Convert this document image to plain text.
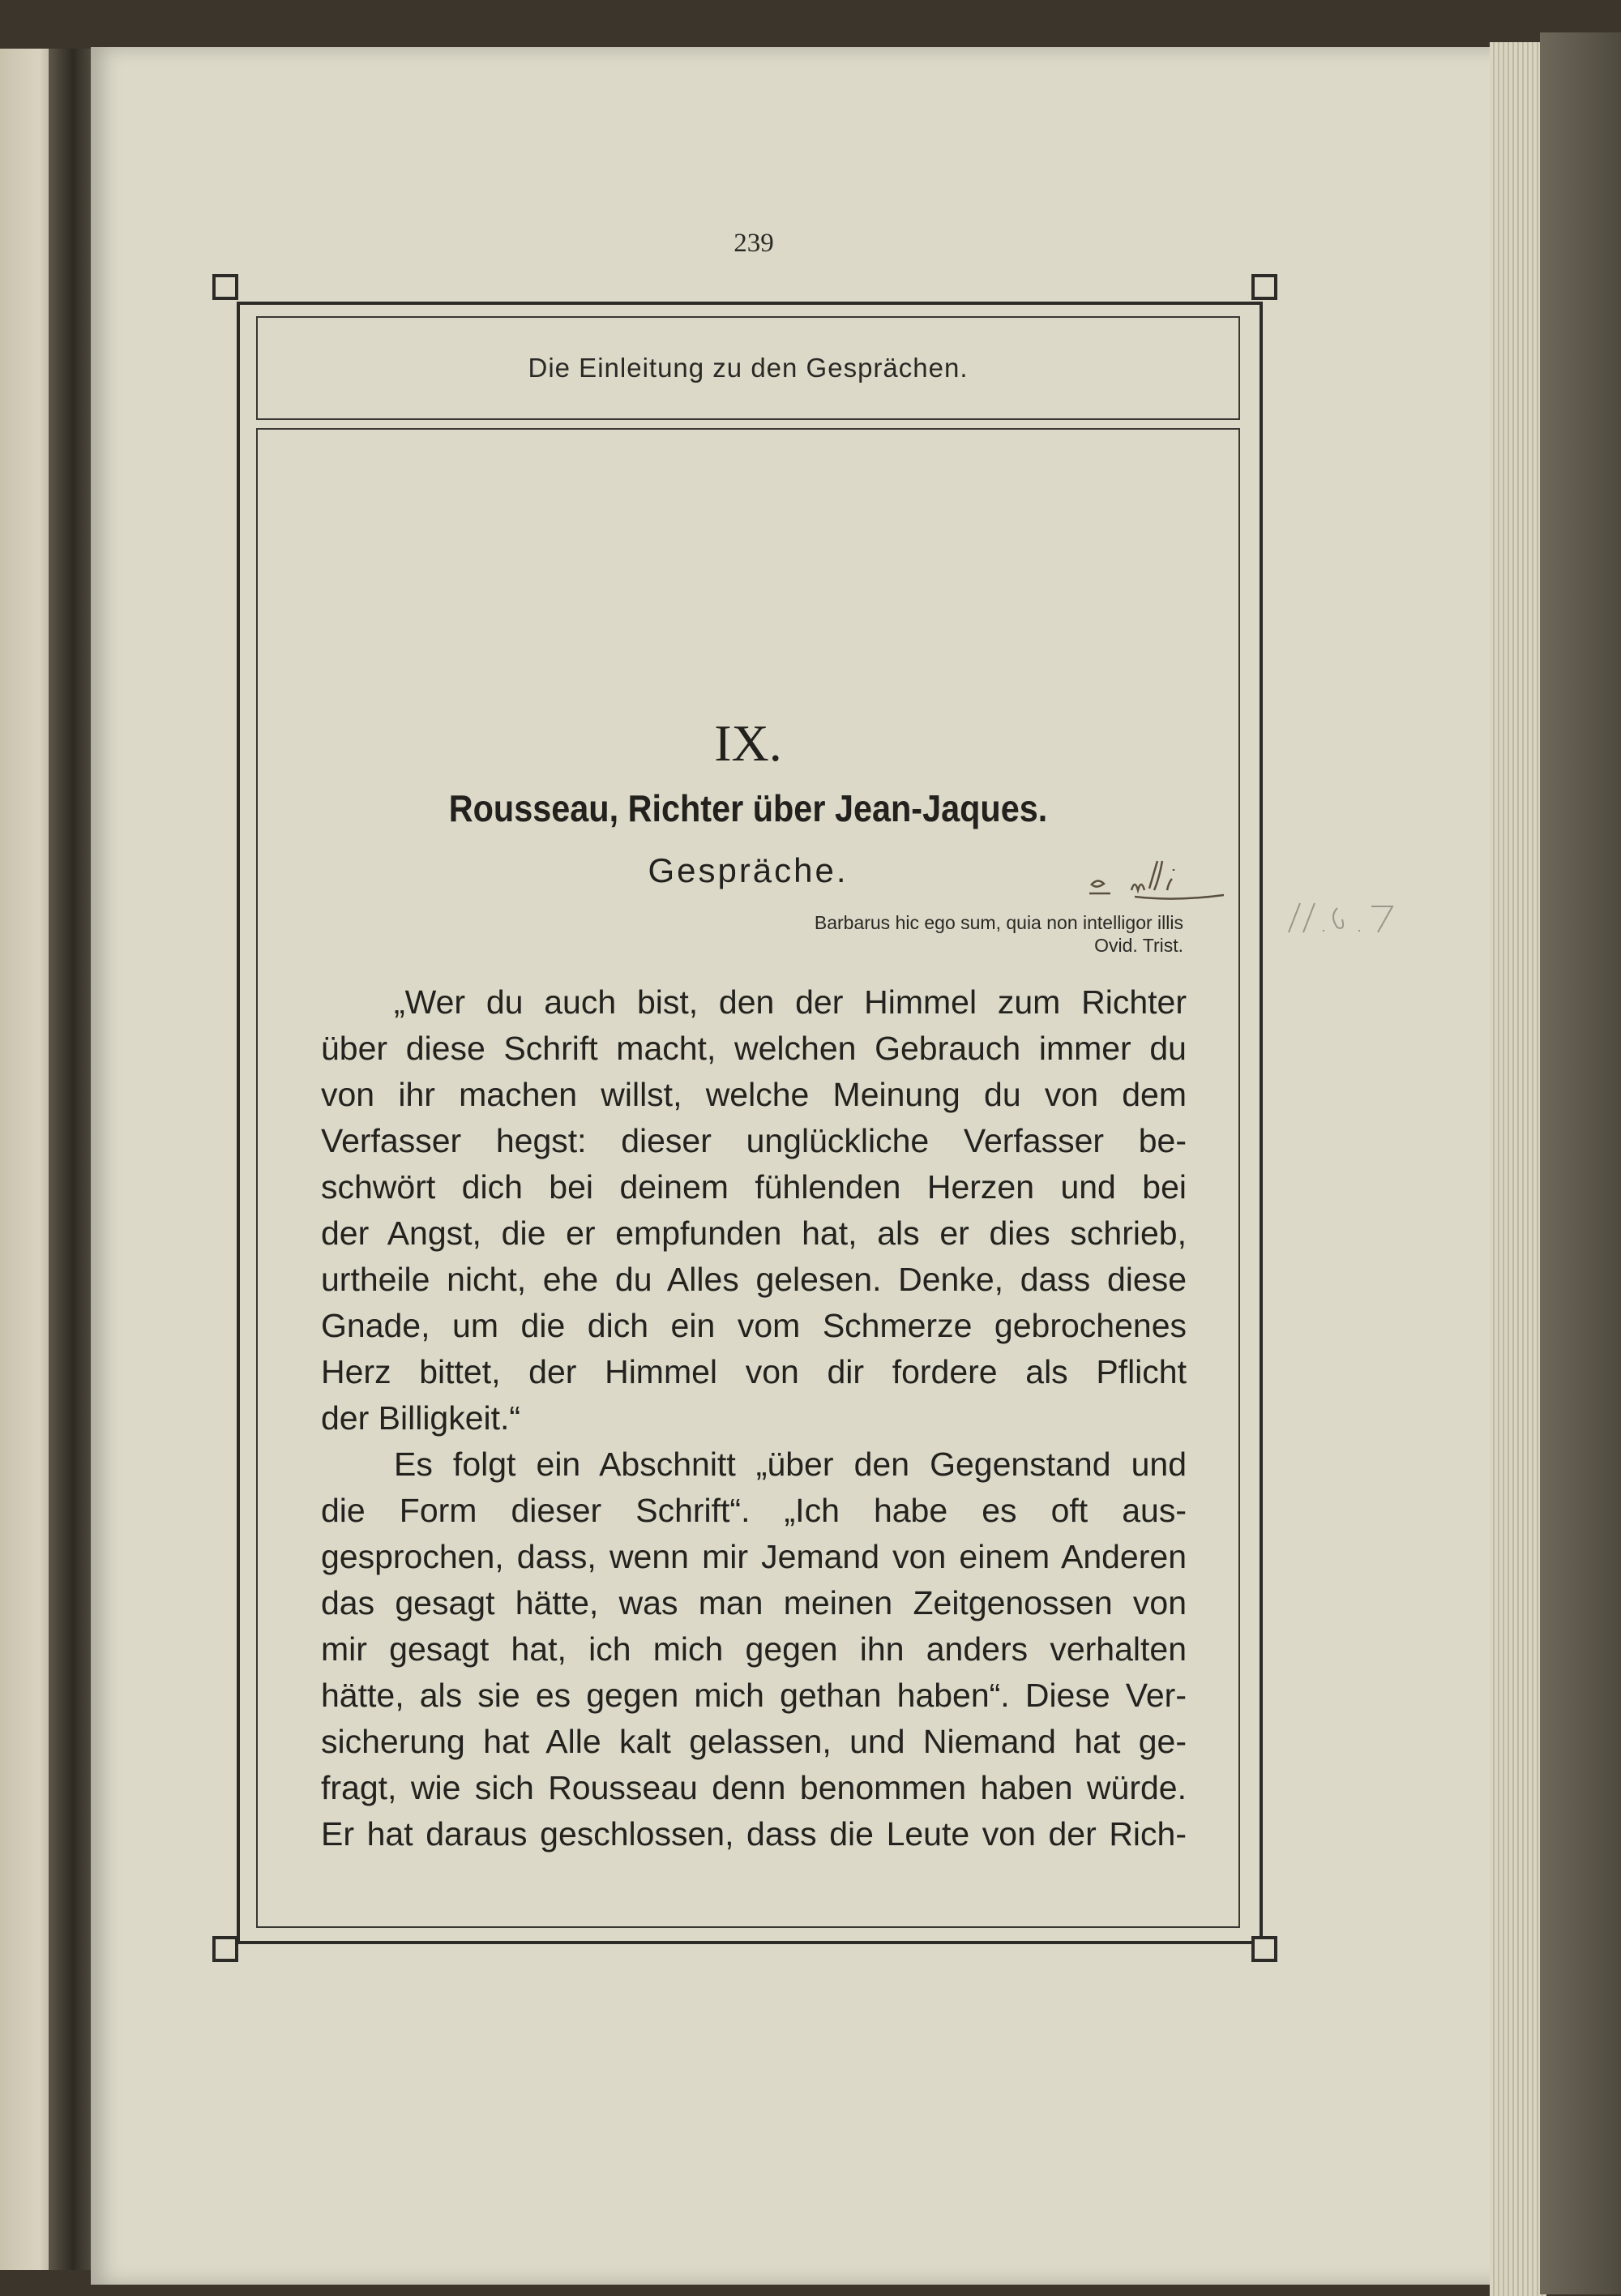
239
Die Einleitung zu den Gesprächen.
IX.
Rousseau, Richter über Jean-Jaques.
Gespräche.
Barbarus hic ego sum, quia non intelligor illis
Ovid. Trist.
„Wer du auch bist, den der Himmel zum Richter
über diese Schrift macht, welchen Gebrauch immer du
von ihr machen willst, welche Meinung du von dem
Verfasser hegst: dieser unglückliche Verfasser be-
schwört dich bei deinem fühlenden Herzen und bei
der Angst, die er empfunden hat, als er dies schrieb,
urtheile nicht, ehe du Alles gelesen. Denke, dass diese
Gnade, um die dich ein vom Schmerze gebrochenes
Herz bittet, der Himmel von dir fordere als Pflicht
der Billigkeit.“
Es folgt ein Abschnitt „über den Gegenstand und
die Form dieser Schrift“. „Ich habe es oft aus-
gesprochen, dass, wenn mir Jemand von einem Anderen
das gesagt hätte, was man meinen Zeitgenossen von
mir gesagt hat, ich mich gegen ihn anders verhalten
hätte, als sie es gegen mich gethan haben“. Diese Ver-
sicherung hat Alle kalt gelassen, und Niemand hat ge-
fragt, wie sich Rousseau denn benommen haben würde.
Er hat daraus geschlossen, dass die Leute von der Rich-
